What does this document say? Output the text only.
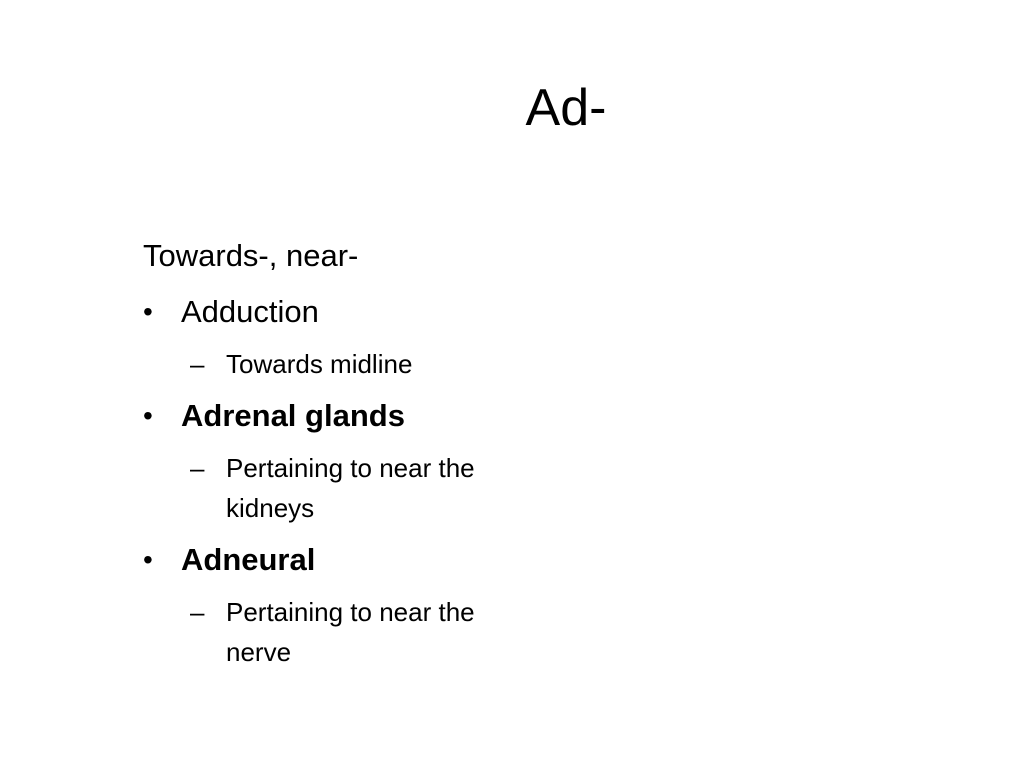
Ad-
Towards-, near-
• Adduction
– Towards midline
• Adrenal glands
– Pertaining to near the kidneys
• Adneural
– Pertaining to near the nerve
